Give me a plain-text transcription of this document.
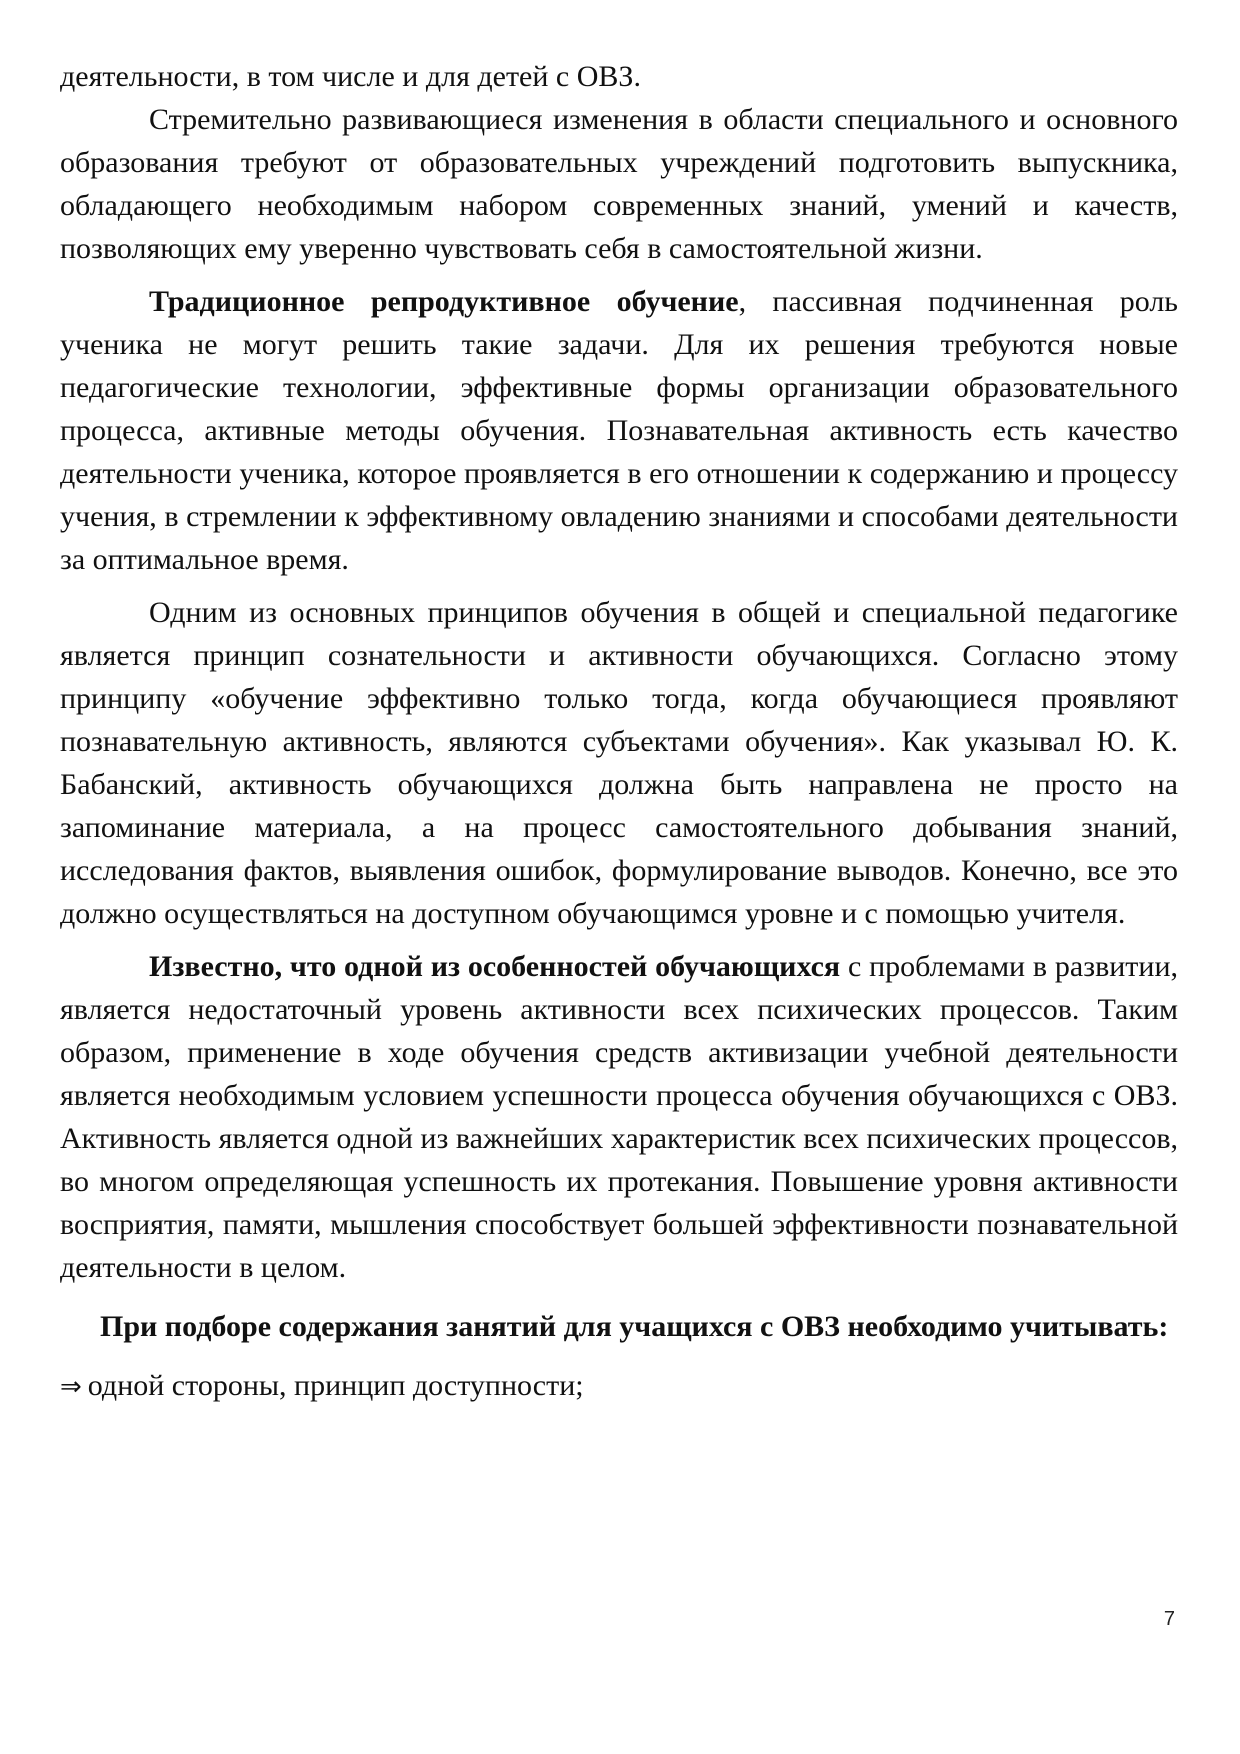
деятельности, в том числе и для детей с ОВЗ.

Стремительно развивающиеся изменения в области специального и основного образования требуют от образовательных учреждений подготовить выпускника, обладающего необходимым набором современных знаний, умений и качеств, позволяющих ему уверенно чувствовать себя в самостоятельной жизни.

Традиционное репродуктивное обучение, пассивная подчиненная роль ученика не могут решить такие задачи. Для их решения требуются новые педагогические технологии, эффективные формы организации образовательного процесса, активные методы обучения. Познавательная активность есть качество деятельности ученика, которое проявляется в его отношении к содержанию и процессу учения, в стремлении к эффективному овладению знаниями и способами деятельности за оптимальное время.

Одним из основных принципов обучения в общей и специальной педагогике является принцип сознательности и активности обучающихся. Согласно этому принципу «обучение эффективно только тогда, когда обучающиеся проявляют познавательную активность, являются субъектами обучения». Как указывал Ю. К. Бабанский, активность обучающихся должна быть направлена не просто на запоминание материала, а на процесс самостоятельного добывания знаний, исследования фактов, выявления ошибок, формулирование выводов. Конечно, все это должно осуществляться на доступном обучающимся уровне и с помощью учителя.

Известно, что одной из особенностей обучающихся с проблемами в развитии, является недостаточный уровень активности всех психических процессов. Таким образом, применение в ходе обучения средств активизации учебной деятельности является необходимым условием успешности процесса обучения обучающихся с ОВЗ. Активность является одной из важнейших характеристик всех психических процессов, во многом определяющая успешность их протекания. Повышение уровня активности восприятия, памяти, мышления способствует большей эффективности познавательной деятельности в целом.

При подборе содержания занятий для учащихся с ОВЗ необходимо учитывать:

⇒ одной стороны, принцип доступности;
7
